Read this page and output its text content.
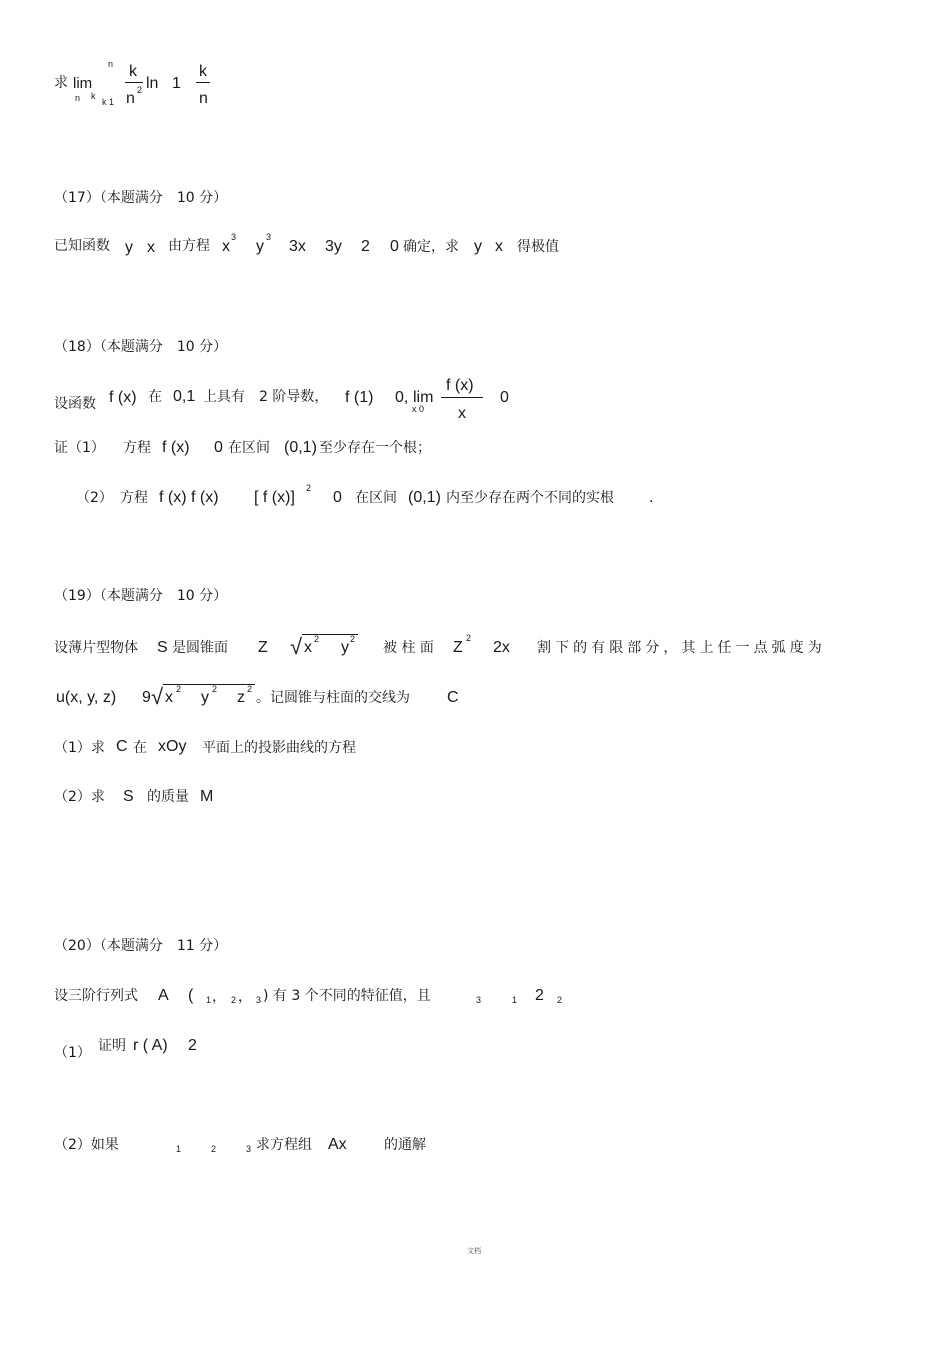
求 lim
n k
k 1
n k
n 2 ln 1
k
n
（17）（本题满分　10 分）
已知函数 y x 由方程 x
3
y
3
3x 3y 2 0 确定，求 y x 得极值
（18）（本题满分　10 分）
设函数 f (x) 在 0,1 上具有　2 阶导数， f (1) 0, lim
x 0
f (x)
x
0
证（1） 方程 f (x) 0 在区间 (0,1) 至少存在一个根；
（2） 方程 f (x) f (x) [ f (x)]
2
0 在区间 (0,1) 内至少存在两个不同的实根 .
（19）（本题满分　10 分）
设薄片型物体 S 是圆锥面 Z √ x 2 y 2
被 柱 面 Z
2
2x 割 下 的 有 限 部 分 ， 其 上 任 一 点 弧 度 为
u(x, y, z) 9 √ x 2 y 2 z 2
。记圆锥与柱面的交线为 C
（1）求 C 在 xOy 平面上的投影曲线的方程
（2）求 S 的质量 M
（20）（本题满分　11 分）
设三阶行列式 A ( 1 ， 2 ， 3 ) 有 3 个不同的特征值，且	3	1 2 2
（1） 证明 r ( A) 2
（2）如果	1	2	3 求方程组 Ax	的通解
文档
